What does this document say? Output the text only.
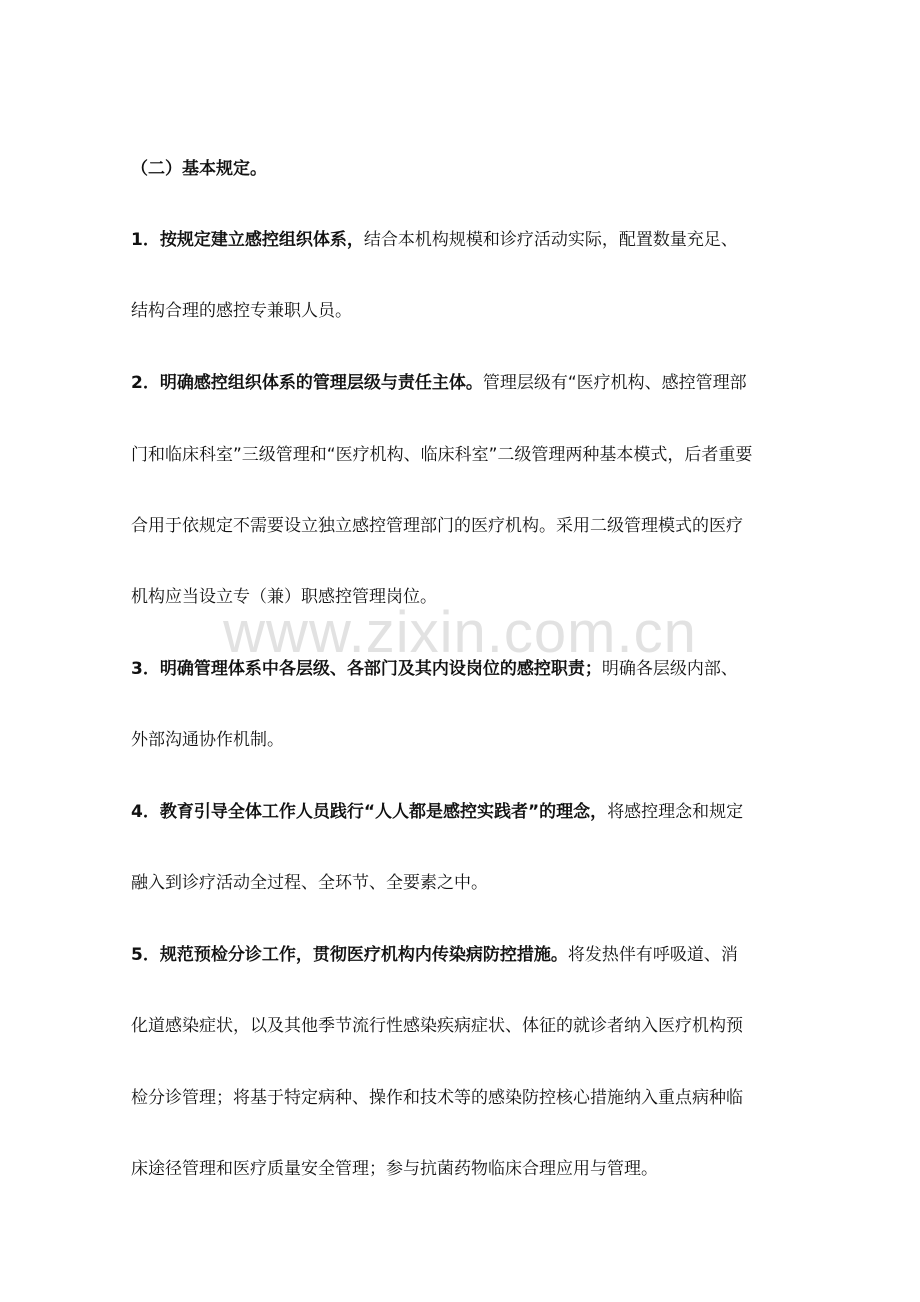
www.zixin.com.cn
（二）基本规定。
1．按规定建立感控组织体系，结合本机构规模和诊疗活动实际，配置数量充足、
结构合理的感控专兼职人员。
2．明确感控组织体系的管理层级与责任主体。管理层级有“医疗机构、感控管理部
门和临床科室”三级管理和“医疗机构、临床科室”二级管理两种基本模式，后者重要
合用于依规定不需要设立独立感控管理部门的医疗机构。采用二级管理模式的医疗
机构应当设立专（兼）职感控管理岗位。
3．明确管理体系中各层级、各部门及其内设岗位的感控职责；明确各层级内部、
外部沟通协作机制。
4．教育引导全体工作人员践行“人人都是感控实践者”的理念，将感控理念和规定
融入到诊疗活动全过程、全环节、全要素之中。
5．规范预检分诊工作，贯彻医疗机构内传染病防控措施。将发热伴有呼吸道、消
化道感染症状，以及其他季节流行性感染疾病症状、体征的就诊者纳入医疗机构预
检分诊管理；将基于特定病种、操作和技术等的感染防控核心措施纳入重点病种临
床途径管理和医疗质量安全管理；参与抗菌药物临床合理应用与管理。
